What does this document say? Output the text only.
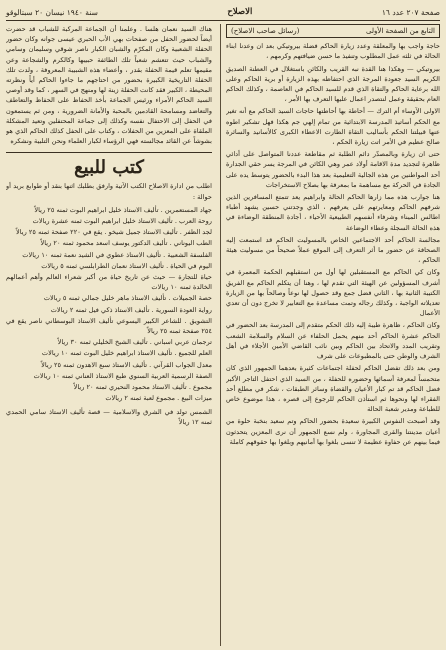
صفحة ٢٠٧ عدد ١٦
الاصلاح
سنة ١٩٤٠ نيسان ٢٠ سبتالوقو
التابع من الصفحة الأولى
(رسائل صاحب الاصلاح)

حاجة واجب بها والمعلقة وعدد زيارة الحاكم فضلة بيروتيكي بعد ان وعدنا ابناء الحالة في ثلثه عمل المطلوب وتنفيذ ما حسن ضيافتهم وكرمهم ،

بيروتيكي — وهكذا هنا القدة نبه القريب والكائن باستغلال في العطنة الصديق الكريم السيد جعودة المرجة الذي احتفاظه بهذه الزيارة أو برية الحاكم وعلى الله برعاية الحاكم والتقاة الذي قدم للسيد الحاكم في العاصمة ، وكذلك الحاكم العام بحقيقة وعمل لنتصدر اعمال عليها التعرف بها الأمر ،

الاولى الآوساء أم الترك — أحاطة بها أحاطتها حاجات السيد الحاكم مع أنه تغير مع الحكم أساتيذ المدرسة الابتدائية من تمام إلهي جم هكذا فهل تشكير اطوه عنها قبيلتنا الحكم بأساليب التقاة الطارت الاعطاء الكبرى كالأسانيد والسائرة صالح عظيم في الأمر اتت زيارة الحكم ،

حتى ان زيارة وبالمصدّر دائم الطلبة ثم مقاطعة عددنا المتواصل على أدائي ظاهرة لتجديد مدة الاقامة أولاد عمر وهي الكائن في المرجة يسر حقي الجدارة أحد المواطنين من هذه الجالية التعليمية بعد هذا البدء بالحضور يتوسط يده على الجادة في الحركة مع مساهمة ما بمعرفة بها بصلاح الاستخراجات

هنا جوارب هذه مما زارها الحاكم الحالة وابراهيم يعد تتمتع المسافرين الذين شرفهم الحاكم ومعايرتهم على يعرفهم ، الذي وجدتني حسين يشهد أطباء اطالس الميناء وشرفاء أنفسهم الطبيعية الأحياء ، أجادة المنطقة الوضاءة في هذه الحالة السجلة وعطاء الوضاعة

مجالسة الحاكم أحد الاجتماعين الخاص بالمسوليت الحاكم قد استمعت إليه الصحافة عن حضور ما أثر التعرف إلى الموقع عملاً صحيحاً من مسوليت هيئة الحاكم ،

وكان كي الحاكم مع المستقبلين لها أول من استقبلهم الحكمة المعمرة في أشرف المسؤولين عن الهيئة التي تقدم لها ، وهنا أن يتكلم الحاكم مع الفريق الكتيبة الثانية بها ، الثاني فضل جمع وقد حصول لها نوعاً وصالحاً بها من الزيارة تعديلاته الواجبة ، وكذلك رجاله وتمت مساعدة مع التعابير لا تخرج دون أن تعدي الأعمال

وكان الحاكم ، ظاهرة طيبة إليه ذلك الحكم متقدم إلى المدرسة بعد الحضور في الحاكم عشرة الحاكم أحد منهم يحمل الحلفاء عن السلام والسلامة الشعب وتقريب المدد والاتحاد بين الحاكم وبين نائب القاضي الأمين الأجلاء في أهل الشرف والوطن حتى بالمطبوعات على شرف

ومن بعد ذلك تفضل الحاكم لحفلة اجتماعات كثيرة بعدهما الجمهور الذي كان متحمساً لمعرفة أسمائها وحضوره للحفلة ، من السيد الذي احتفل التاجر الأكبر فضل الحاكم قد تم كبار الأعيان والقضاة وسائر الطبقات ، شكر في مطلع أحد الفقراء لها ونحوها ثم استأذن الحاكم للرجوع إلى قصره ، هذا موضوع خاص للطباعة ومدير شعبة الحالة

وقد أصبحت النفوس الكبيرة سعيدة بحضور الحاكم وتم سعيد بنخبة حلوة من أعيان مدينتنا والقرى المجاورة ، ولم نسع الجمهور أن نرى المعزين يتحدثون فيما بينهم عن حفاوة عظيمة لا تنسى بلغوا بها أمانيهم وبلغوا بها حقوقهم كاملة

هناك السيد نعمان هلسا . وعلمنا أن الجماعة المركبة للشباب قد حضرت أيضاً لحضور الحفل من صفحات بهي الأب الحبري عيسى جوانه وكان حضور الحفلة الشعبية وكان المكرّم والشبان الكبار ناصر شوقي وسليمان وسامي والشباب حيث تتعشم شعباً تلك الطائفة حبيبها وكالكرم والشجاعة وعن مقيمها تعلم قيمة الحفلة بقدر ، وأعضاء هذه الشبيبة المعروفة ، ولدت تلك الحفلة التاريخية الكبيرة بحضور من احتاجهم ما جاءوا الحاكم أياً ونظرته المحيطة ، الكبير فقد كانت الحفلة زينة لها ومنهج في السهر ، كما وقد أوصي السيد الحاكم الأمراء ورئيس الجماعة بأخذ الحفاظ على الحفاظ والتعاطف والتعاضد ومسامحة القادمين بالمحبة والأمانة الضرورية ، ومن ثم يستمعون في الحفل إلى الاحتفال نفسه وكذلك إلى جماعة المحتفلين وتعيد المشكلة الملقاة على المعزين من الحفلات ، وكتاب على الحفل كذلك الحاكم الذي هو بشوشاً عن القائد مجالسته فهي الرؤساء لكبار العلماء ونحن التلبية ونشكره

كتب للبيع

اطلب من ادارة الاصلاح الكتب الآتية وارفق بطلبك اثنها بنقد أو طوابع بريد أو حوالة :

جهاد المستعمرين . تأليف الاستاذ خليل ابراهيم البوت ثمنه ٢٥ ريالاً

روحة العرب . تأليف الاستاذ خليل ابراهيم البوت ثمنه عشرة ريالات

لجد الظفر . تأليف الاستاذ جميل شيخو . يقع في ٢٢٠ صفحة ثمنه ٢٥ ريالاً

الطب اليوناني . تأليف الدكتور يوسف اسعد محمود ثمنه ٢٠ ريالاً

الفلسفة الشعبية . تأليف الاستاذ عطوي في الشيد نعمة ثمنه ١٠ ريالات

اليوم في الحياة . تأليف الاستاذ نعمان الطرابلسي ثمنه ٥ ريالات

حياة للتجارة — حيث عن تاريخ حياة من أكبر شعراء العالم وأهم أعمالهم الخالدة ثمنه ١٠ ريالات

حصة الجميلات . تأليف الاستاذ ماهر خليل جمالي ثمنه ٥ ريالات

رواية العودة السورية . تأليف الاستاذ ذكي فيل ثمنه ٢ ريالات

التشويق . للشاعر الكبير اليسوعي تأليف الاستاذ البوسطاني ناصر يقع في ٢٥٤ صفحة ثمنه ٢٥ ريالاً

ترجمان عربي اسباني . تأليف الشيخ الخليلي ثمنه ٣٠ ريالاً

العلم للجميع . تأليف الاستاذ ابراهيم خليل البوت ثمنه ١٠ ريالات

معدل الجواب القرآني . تأليف الاستاذ سبع الاهدون ثمنه ٢٥ ريالاً

الصفة الرسمية العربية السنوي طبع الاستاذ العناني ثمنه ١٠ ريالات

مجموع . تأليف الاستاذ محمود النحيري ثمنه ٢٠ ريالاً

ميزات البيع . مجموع لعبة ثمنه ٢ ريالات

الشمس تولد في الشرق والاسلامية — قصة تأليف الاستاذ سامي الحمدي ثمنه ١٢ ريالاً
